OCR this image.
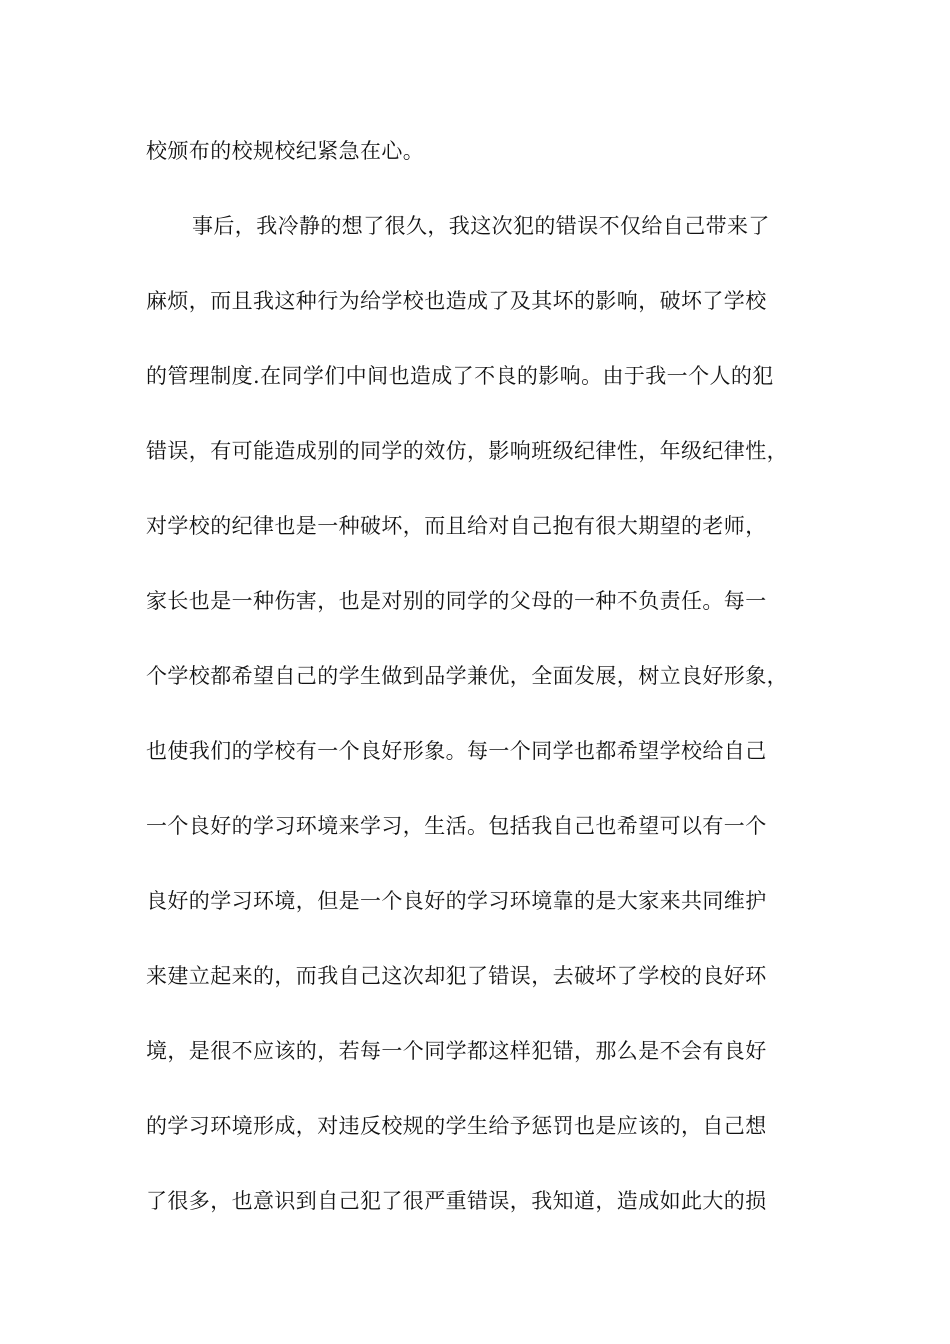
校颁布的校规校纪紧急在心。
事后，我冷静的想了很久，我这次犯的错误不仅给自己带来了
麻烦，而且我这种行为给学校也造成了及其坏的影响，破坏了学校
的管理制度.在同学们中间也造成了不良的影响。由于我一个人的犯
错误，有可能造成别的同学的效仿，影响班级纪律性，年级纪律性，
对学校的纪律也是一种破坏，而且给对自己抱有很大期望的老师，
家长也是一种伤害，也是对别的同学的父母的一种不负责任。每一
个学校都希望自己的学生做到品学兼优，全面发展，树立良好形象，
也使我们的学校有一个良好形象。每一个同学也都希望学校给自己
一个良好的学习环境来学习，生活。包括我自己也希望可以有一个
良好的学习环境，但是一个良好的学习环境靠的是大家来共同维护
来建立起来的，而我自己这次却犯了错误，去破坏了学校的良好环
境，是很不应该的，若每一个同学都这样犯错，那么是不会有良好
的学习环境形成，对违反校规的学生给予惩罚也是应该的，自己想
了很多，也意识到自己犯了很严重错误，我知道，造成如此大的损
